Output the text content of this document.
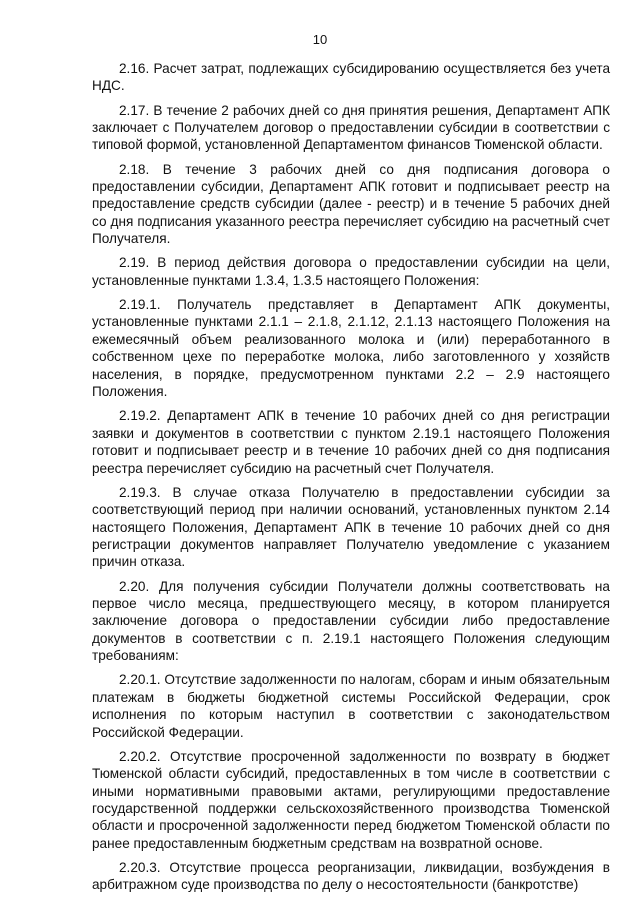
10

2.16. Расчет затрат, подлежащих субсидированию осуществляется без учета НДС.

2.17. В течение 2 рабочих дней со дня принятия решения, Департамент АПК заключает с Получателем договор о предоставлении субсидии в соответствии с типовой формой, установленной Департаментом финансов Тюменской области.

2.18. В течение 3 рабочих дней со дня подписания договора о предоставлении субсидии, Департамент АПК готовит и подписывает реестр на предоставление средств субсидии (далее - реестр) и в течение 5 рабочих дней со дня подписания указанного реестра перечисляет субсидию на расчетный счет Получателя.

2.19. В период действия договора о предоставлении субсидии на цели, установленные пунктами 1.3.4, 1.3.5 настоящего Положения:

2.19.1. Получатель представляет в Департамент АПК документы, установленные пунктами 2.1.1 – 2.1.8, 2.1.12, 2.1.13 настоящего Положения на ежемесячный объем реализованного молока и (или) переработанного в собственном цехе по переработке молока, либо заготовленного у хозяйств населения, в порядке, предусмотренном пунктами 2.2 – 2.9 настоящего Положения.

2.19.2. Департамент АПК в течение 10 рабочих дней со дня регистрации заявки и документов в соответствии с пунктом 2.19.1 настоящего Положения готовит и подписывает реестр и в течение 10 рабочих дней со дня подписания реестра перечисляет субсидию на расчетный счет Получателя.

2.19.3. В случае отказа Получателю в предоставлении субсидии за соответствующий период при наличии оснований, установленных пунктом 2.14 настоящего Положения, Департамент АПК в течение 10 рабочих дней со дня регистрации документов направляет Получателю уведомление с указанием причин отказа.

2.20. Для получения субсидии Получатели должны соответствовать на первое число месяца, предшествующего месяцу, в котором планируется заключение договора о предоставлении субсидии либо предоставление документов в соответствии с п. 2.19.1 настоящего Положения следующим требованиям:

2.20.1. Отсутствие задолженности по налогам, сборам и иным обязательным платежам в бюджеты бюджетной системы Российской Федерации, срок исполнения по которым наступил в соответствии с законодательством Российской Федерации.

2.20.2. Отсутствие просроченной задолженности по возврату в бюджет Тюменской области субсидий, предоставленных в том числе в соответствии с иными нормативными правовыми актами, регулирующими предоставление государственной поддержки сельскохозяйственного производства Тюменской области и просроченной задолженности перед бюджетом Тюменской области по ранее предоставленным бюджетным средствам на возвратной основе.

2.20.3. Отсутствие процесса реорганизации, ликвидации, возбуждения в арбитражном суде производства по делу о несостоятельности (банкротстве)
